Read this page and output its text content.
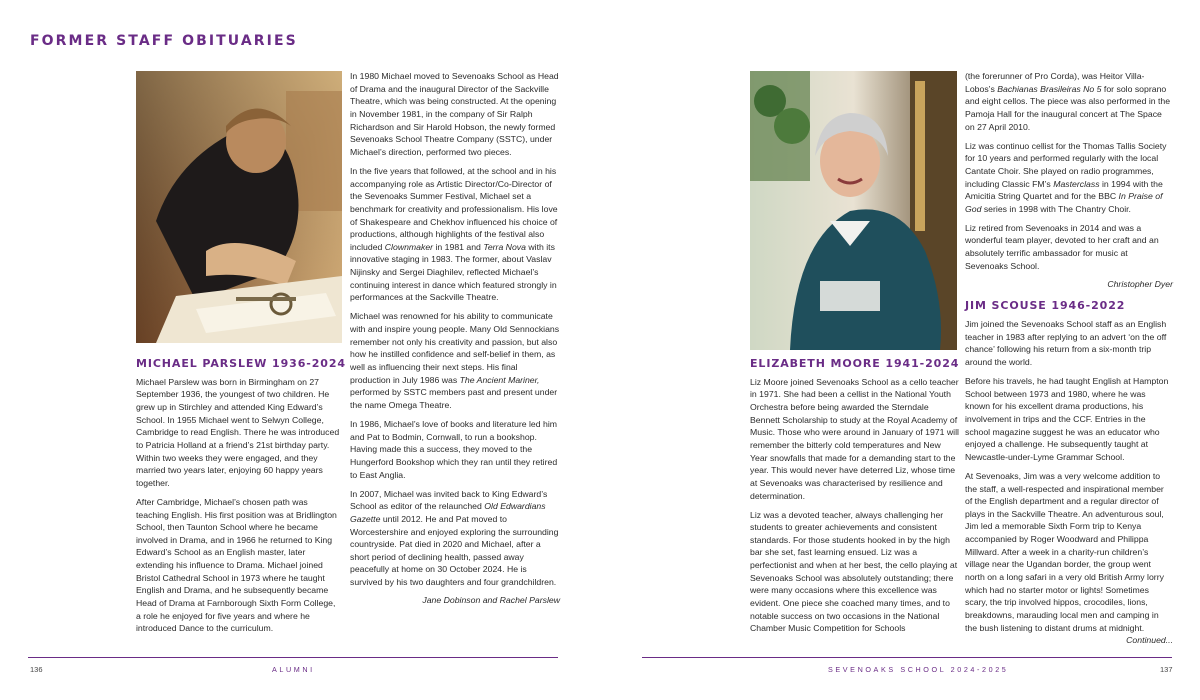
FORMER STAFF OBITUARIES
MICHAEL PARSLEW 1936-2024

Michael Parslew was born in Birmingham on 27 September 1936, the youngest of two children. He grew up in Stirchley and attended King Edward’s School. In 1955 Michael went to Selwyn College, Cambridge to read English. There he was introduced to Patricia Holland at a friend’s 21st birthday party. Within two weeks they were engaged, and they married two years later, enjoying 60 happy years together.

After Cambridge, Michael’s chosen path was teaching English. His first position was at Bridlington School, then Taunton School where he became involved in Drama, and in 1966 he returned to King Edward’s School as an English master, later extending his influence to Drama. Michael joined Bristol Cathedral School in 1973 where he taught English and Drama, and he subsequently became Head of Drama at Farnborough Sixth Form College, a role he enjoyed for five years and where he introduced Dance to the curriculum.

In 1980 Michael moved to Sevenoaks School as Head of Drama and the inaugural Director of the Sackville Theatre, which was being constructed. At the opening in November 1981, in the company of Sir Ralph Richardson and Sir Harold Hobson, the newly formed Sevenoaks School Theatre Company (SSTC), under Michael’s direction, performed two pieces.

In the five years that followed, at the school and in his accompanying role as Artistic Director/Co-Director of the Sevenoaks Summer Festival, Michael set a benchmark for creativity and professionalism. His love of Shakespeare and Chekhov influenced his choice of productions, although highlights of the festival also included Clownmaker in 1981 and Terra Nova with its innovative staging in 1983. The former, about Vaslav Nijinsky and Sergei Diaghilev, reflected Michael’s continuing interest in dance which featured strongly in performances at the Sackville Theatre.

Michael was renowned for his ability to communicate with and inspire young people. Many Old Sennockians remember not only his creativity and passion, but also how he instilled confidence and self-belief in them, as well as influencing their next steps. His final production in July 1986 was The Ancient Mariner, performed by SSTC members past and present under the name Omega Theatre.

In 1986, Michael’s love of books and literature led him and Pat to Bodmin, Cornwall, to run a bookshop. Having made this a success, they moved to the Hungerford Bookshop which they ran until they retired to East Anglia.

In 2007, Michael was invited back to King Edward’s School as editor of the relaunched Old Edwardians Gazette until 2012. He and Pat moved to Worcestershire and enjoyed exploring the surrounding countryside. Pat died in 2020 and Michael, after a short period of declining health, passed away peacefully at home on 30 October 2024. He is survived by his two daughters and four grandchildren.

Jane Dobinson and Rachel Parslew

ELIZABETH MOORE 1941-2024

Liz Moore joined Sevenoaks School as a cello teacher in 1971. She had been a cellist in the National Youth Orchestra before being awarded the Sterndale Bennett Scholarship to study at the Royal Academy of Music. Those who were around in January of 1971 will remember the bitterly cold temperatures and New Year snowfalls that made for a demanding start to the year. This would never have deterred Liz, whose time at Sevenoaks was characterised by resilience and determination.

Liz was a devoted teacher, always challenging her students to greater achievements and consistent standards. For those students hooked in by the high bar she set, fast learning ensued. Liz was a perfectionist and when at her best, the cello playing at Sevenoaks School was absolutely outstanding; there were many occasions where this excellence was evident. One piece she coached many times, and to notable success on two occasions in the National Chamber Music Competition for Schools

(the forerunner of Pro Corda), was Heitor Villa-Lobos’s Bachianas Brasileiras No 5 for solo soprano and eight cellos. The piece was also performed in the Pamoja Hall for the inaugural concert at The Space on 27 April 2010.

Liz was continuo cellist for the Thomas Tallis Society for 10 years and performed regularly with the local Cantate Choir. She played on radio programmes, including Classic FM’s Masterclass in 1994 with the Amicitia String Quartet and for the BBC In Praise of God series in 1998 with The Chantry Choir.

Liz retired from Sevenoaks in 2014 and was a wonderful team player, devoted to her craft and an absolutely terrific ambassador for music at Sevenoaks School.

Christopher Dyer

JIM SCOUSE 1946-2022

Jim joined the Sevenoaks School staff as an English teacher in 1983 after replying to an advert ‘on the off chance’ following his return from a six-month trip around the world.

Before his travels, he had taught English at Hampton School between 1973 and 1980, where he was known for his excellent drama productions, his involvement in trips and the CCF. Entries in the school magazine suggest he was an educator who enjoyed a challenge. He subsequently taught at Newcastle-under-Lyme Grammar School.

At Sevenoaks, Jim was a very welcome addition to the staff, a well-respected and inspirational member of the English department and a regular director of plays in the Sackville Theatre. An adventurous soul, Jim led a memorable Sixth Form trip to Kenya accompanied by Roger Woodward and Philippa Millward. After a week in a charity-run children’s village near the Ugandan border, the group went north on a long safari in a very old British Army lorry which had no starter motor or lights! Sometimes scary, the trip involved hippos, crocodiles, lions, breakdowns, marauding local men and camping in the bush listening to distant drums at midnight.
Continued...

136	ALUMNI	SEVENOAKS SCHOOL 2024-2025	137
